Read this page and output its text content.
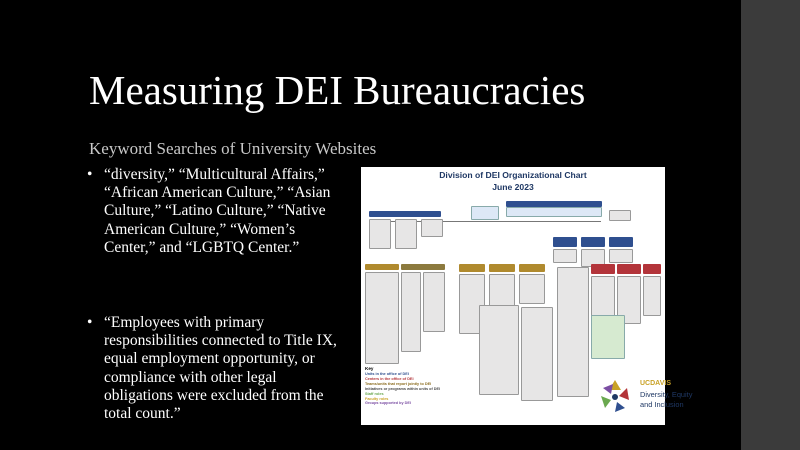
Measuring DEI Bureaucracies
Keyword Searches of University Websites
• “diversity,” “Multicultural Affairs,” “African American Culture,” “Asian Culture,” “Latino Culture,” “Native American Culture,” “Women’s Center,” and “LGBTQ Center.”
• “Employees with primary responsibilities connected to Title IX, equal employment opportunity, or compliance with other legal obligations were excluded from the total count.”
Division of DEI Organizational Chart
June 2023
Key
Units in the office of DEI
Centers in the office of DEI
Teams/units that report jointly to DEI
Initiatives or programs within units of DEI
Staff roles
Faculty roles
Groups supported by DEI
UCDAVIS
Diversity, Equity
and Inclusion
